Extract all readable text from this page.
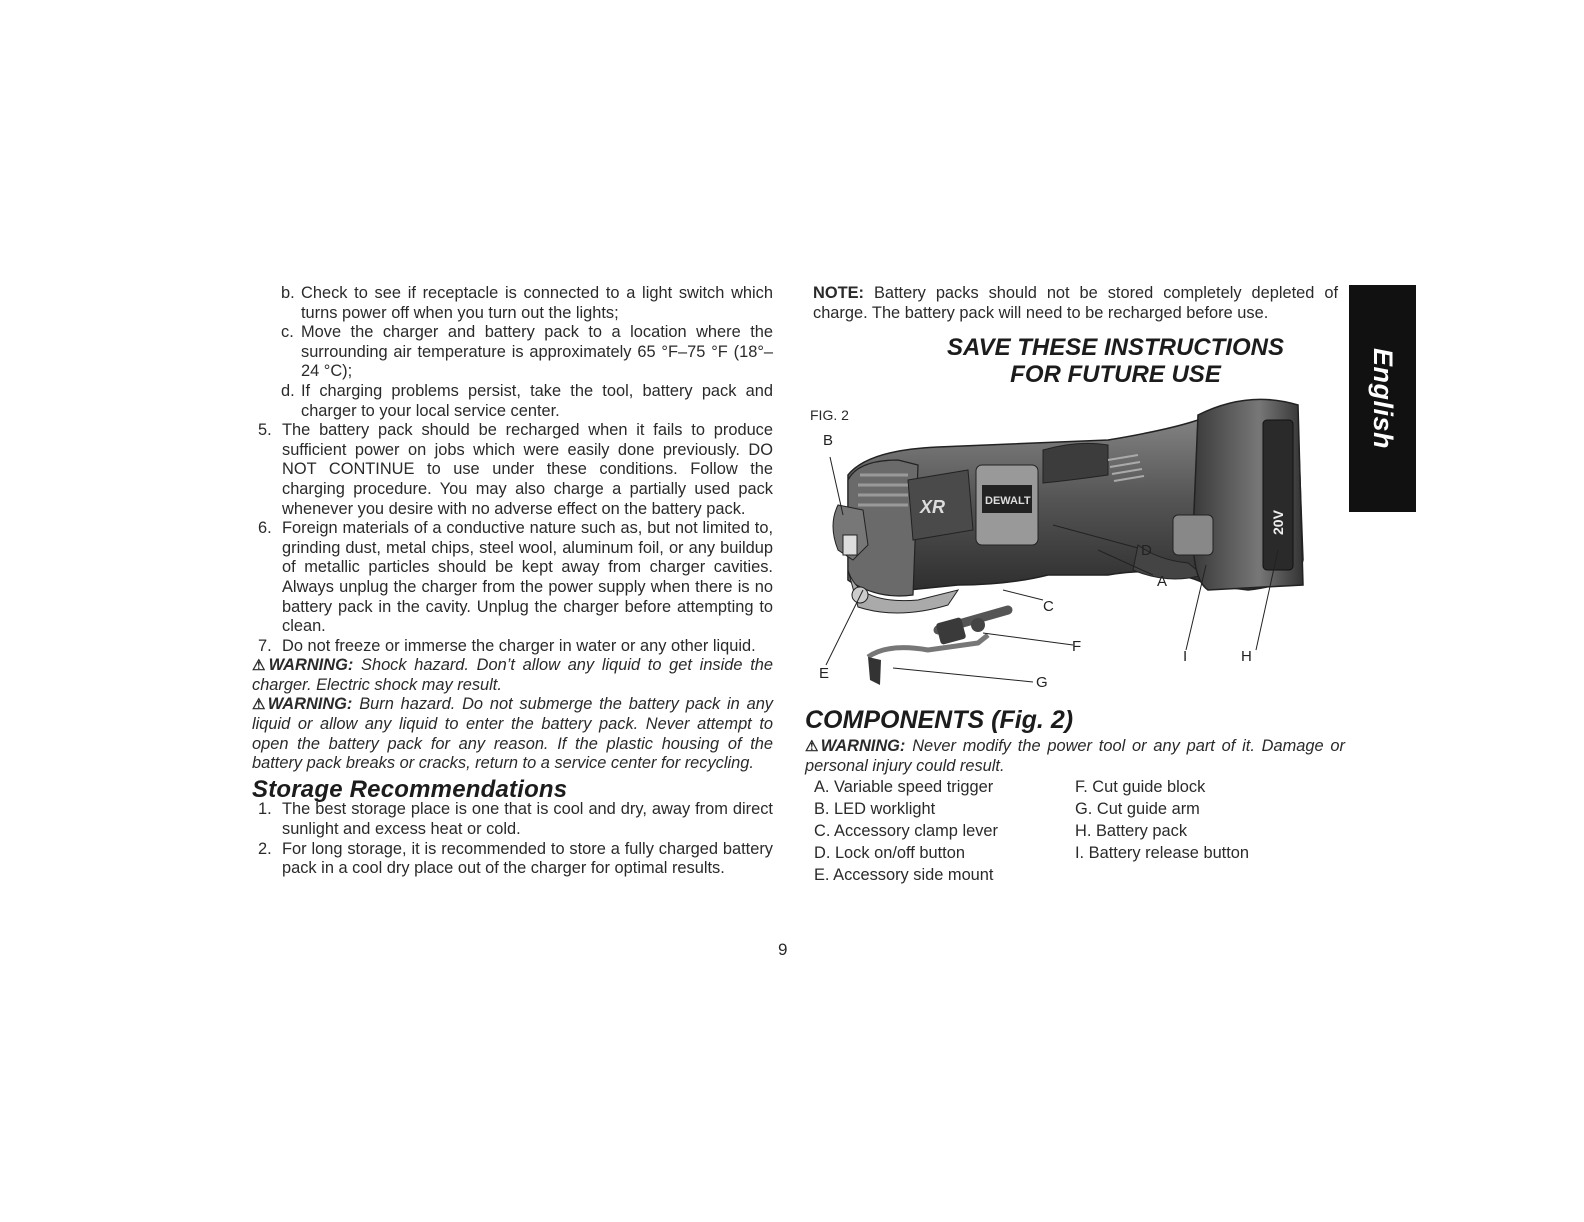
b. Check to see if receptacle is connected to a light switch which turns power off when you turn out the lights;
c. Move the charger and battery pack to a location where the surrounding air temperature is approximately 65 °F–75 °F (18°–24 °C);
d. If charging problems persist, take the tool, battery pack and charger to your local service center.
5. The battery pack should be recharged when it fails to produce sufficient power on jobs which were easily done previously. DO NOT CONTINUE to use under these conditions. Follow the charging procedure. You may also charge a partially used pack whenever you desire with no adverse effect on the battery pack.
6. Foreign materials of a conductive nature such as, but not limited to, grinding dust, metal chips, steel wool, aluminum foil, or any buildup of metallic particles should be kept away from charger cavities. Always unplug the charger from the power supply when there is no battery pack in the cavity. Unplug the charger before attempting to clean.
7. Do not freeze or immerse the charger in water or any other liquid.
⚠WARNING: Shock hazard. Don’t allow any liquid to get inside the charger. Electric shock may result.
⚠WARNING: Burn hazard. Do not submerge the battery pack in any liquid or allow any liquid to enter the battery pack. Never attempt to open the battery pack for any reason. If the plastic housing of the battery pack breaks or cracks, return to a service center for recycling.
Storage Recommendations
1. The best storage place is one that is cool and dry, away from direct sunlight and excess heat or cold.
2. For long storage, it is recommended to store a fully charged battery pack in a cool dry place out of the charger for optimal results.
NOTE: Battery packs should not be stored completely depleted of charge. The battery pack will need to be recharged before use.
SAVE THESE INSTRUCTIONS
FOR FUTURE USE
FIG. 2
XR	DEWALT
20V
B
D
A
C
F
E
G
I	H
COMPONENTS (Fig. 2)
⚠WARNING: Never modify the power tool or any part of it. Damage or personal injury could result.
A. Variable speed trigger
B. LED worklight
C. Accessory clamp lever
D. Lock on/off button
E. Accessory side mount
F. Cut guide block
G. Cut guide arm
H. Battery pack
I. Battery release button
English
9
